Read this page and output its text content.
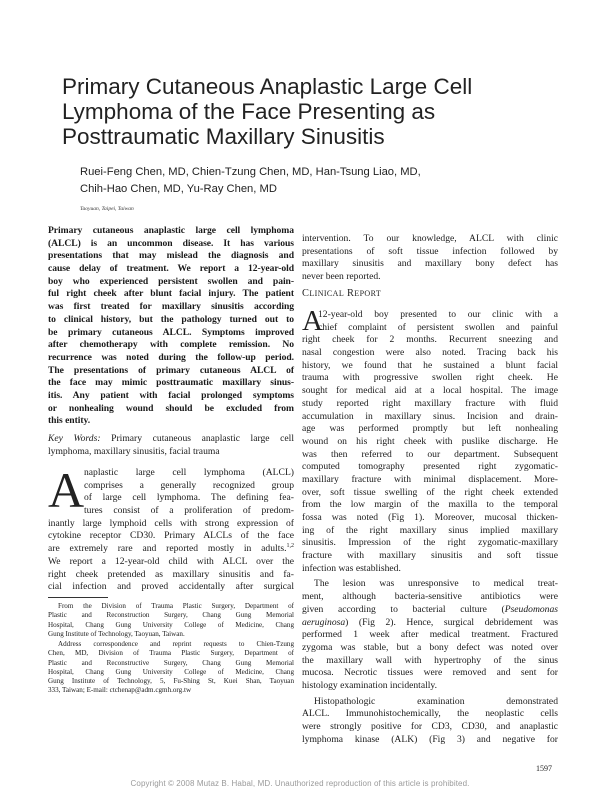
Primary Cutaneous Anaplastic Large Cell
Lymphoma of the Face Presenting as
Posttraumatic Maxillary Sinusitis
Ruei-Feng Chen, MD, Chien-Tzung Chen, MD, Han-Tsung Liao, MD,
Chih-Hao Chen, MD, Yu-Ray Chen, MD
Taoyuan, Taipei, Taiwan
Primary cutaneous anaplastic large cell lymphoma
(ALCL) is an uncommon disease. It has various
presentations that may mislead the diagnosis and
cause delay of treatment. We report a 12-year-old
boy who experienced persistent swollen and pain-
ful right cheek after blunt facial injury. The patient
was first treated for maxillary sinusitis according
to clinical history, but the pathology turned out to
be primary cutaneous ALCL. Symptoms improved
after chemotherapy with complete remission. No
recurrence was noted during the follow-up period.
The presentations of primary cutaneous ALCL of
the face may mimic posttraumatic maxillary sinus-
itis. Any patient with facial prolonged symptoms
or nonhealing wound should be excluded from
this entity.
Key Words: Primary cutaneous anaplastic large cell
lymphoma, maxillary sinusitis, facial trauma
A naplastic large cell lymphoma (ALCL)
comprises a generally recognized group
of large cell lymphoma. The defining fea-
tures consist of a proliferation of predom-
inantly large lymphoid cells with strong expression of
cytokine receptor CD30. Primary ALCLs of the face
are extremely rare and reported mostly in adults.$^{1,2}$
We report a 12-year-old child with ALCL over the
right cheek pretended as maxillary sinusitis and fa-
cial infection and proved accidentally after surgical
From the Division of Trauma Plastic Surgery, Department of
Plastic and Reconstruction Surgery, Chang Gung Memorial
Hospital, Chang Gung University College of Medicine, Chang
Gung Institute of Technology, Taoyuan, Taiwan.
Address correspondence and reprint requests to Chien-Tzung
Chen, MD, Division of Trauma Plastic Surgery, Department of
Plastic and Reconstructive Surgery, Chang Gung Memorial
Hospital, Chang Gung University College of Medicine, Chang
Gung Institute of Technology, 5, Fu-Shing St, Kuei Shan, Taoyuan
333, Taiwan; E-mail: ctchenap@adm.cgmh.org.tw
intervention. To our knowledge, ALCL with clinic
presentations of soft tissue infection followed by
maxillary sinusitis and maxillary bony defect has
never been reported.
CLINICAL REPORT
A
12-year-old boy presented to our clinic with a
chief complaint of persistent swollen and painful
right cheek for 2 months. Recurrent sneezing and
nasal congestion were also noted. Tracing back his
history, we found that he sustained a blunt facial
trauma with progressive swollen right cheek. He
sought for medical aid at a local hospital. The image
study reported right maxillary fracture with fluid
accumulation in maxillary sinus. Incision and drain-
age was performed promptly but left nonhealing
wound on his right cheek with puslike discharge. He
was then referred to our department. Subsequent
computed tomography presented right zygomatic-
maxillary fracture with minimal displacement. More-
over, soft tissue swelling of the right cheek extended
from the low margin of the maxilla to the temporal
fossa was noted (Fig 1). Moreover, mucosal thicken-
ing of the right maxillary sinus implied maxillary
sinusitis. Impression of the right zygomatic-maxillary
fracture with maxillary sinusitis and soft tissue
infection was established.
The lesion was unresponsive to medical treat-
ment, although bacteria-sensitive antibiotics were
given according to bacterial culture (Pseudomonas
aeruginosa) (Fig 2). Hence, surgical debridement was
performed 1 week after medical treatment. Fractured
zygoma was stable, but a bony defect was noted over
the maxillary wall with hypertrophy of the sinus
mucosa. Necrotic tissues were removed and sent for
histology examination incidentally.
Histopathologic examination demonstrated
ALCL. Immunohistochemically, the neoplastic cells
were strongly positive for CD3, CD30, and anaplastic
lymphoma kinase (ALK) (Fig 3) and negative for
1597
Copyright © 2008 Mutaz B. Habal, MD. Unauthorized reproduction of this article is prohibited.
